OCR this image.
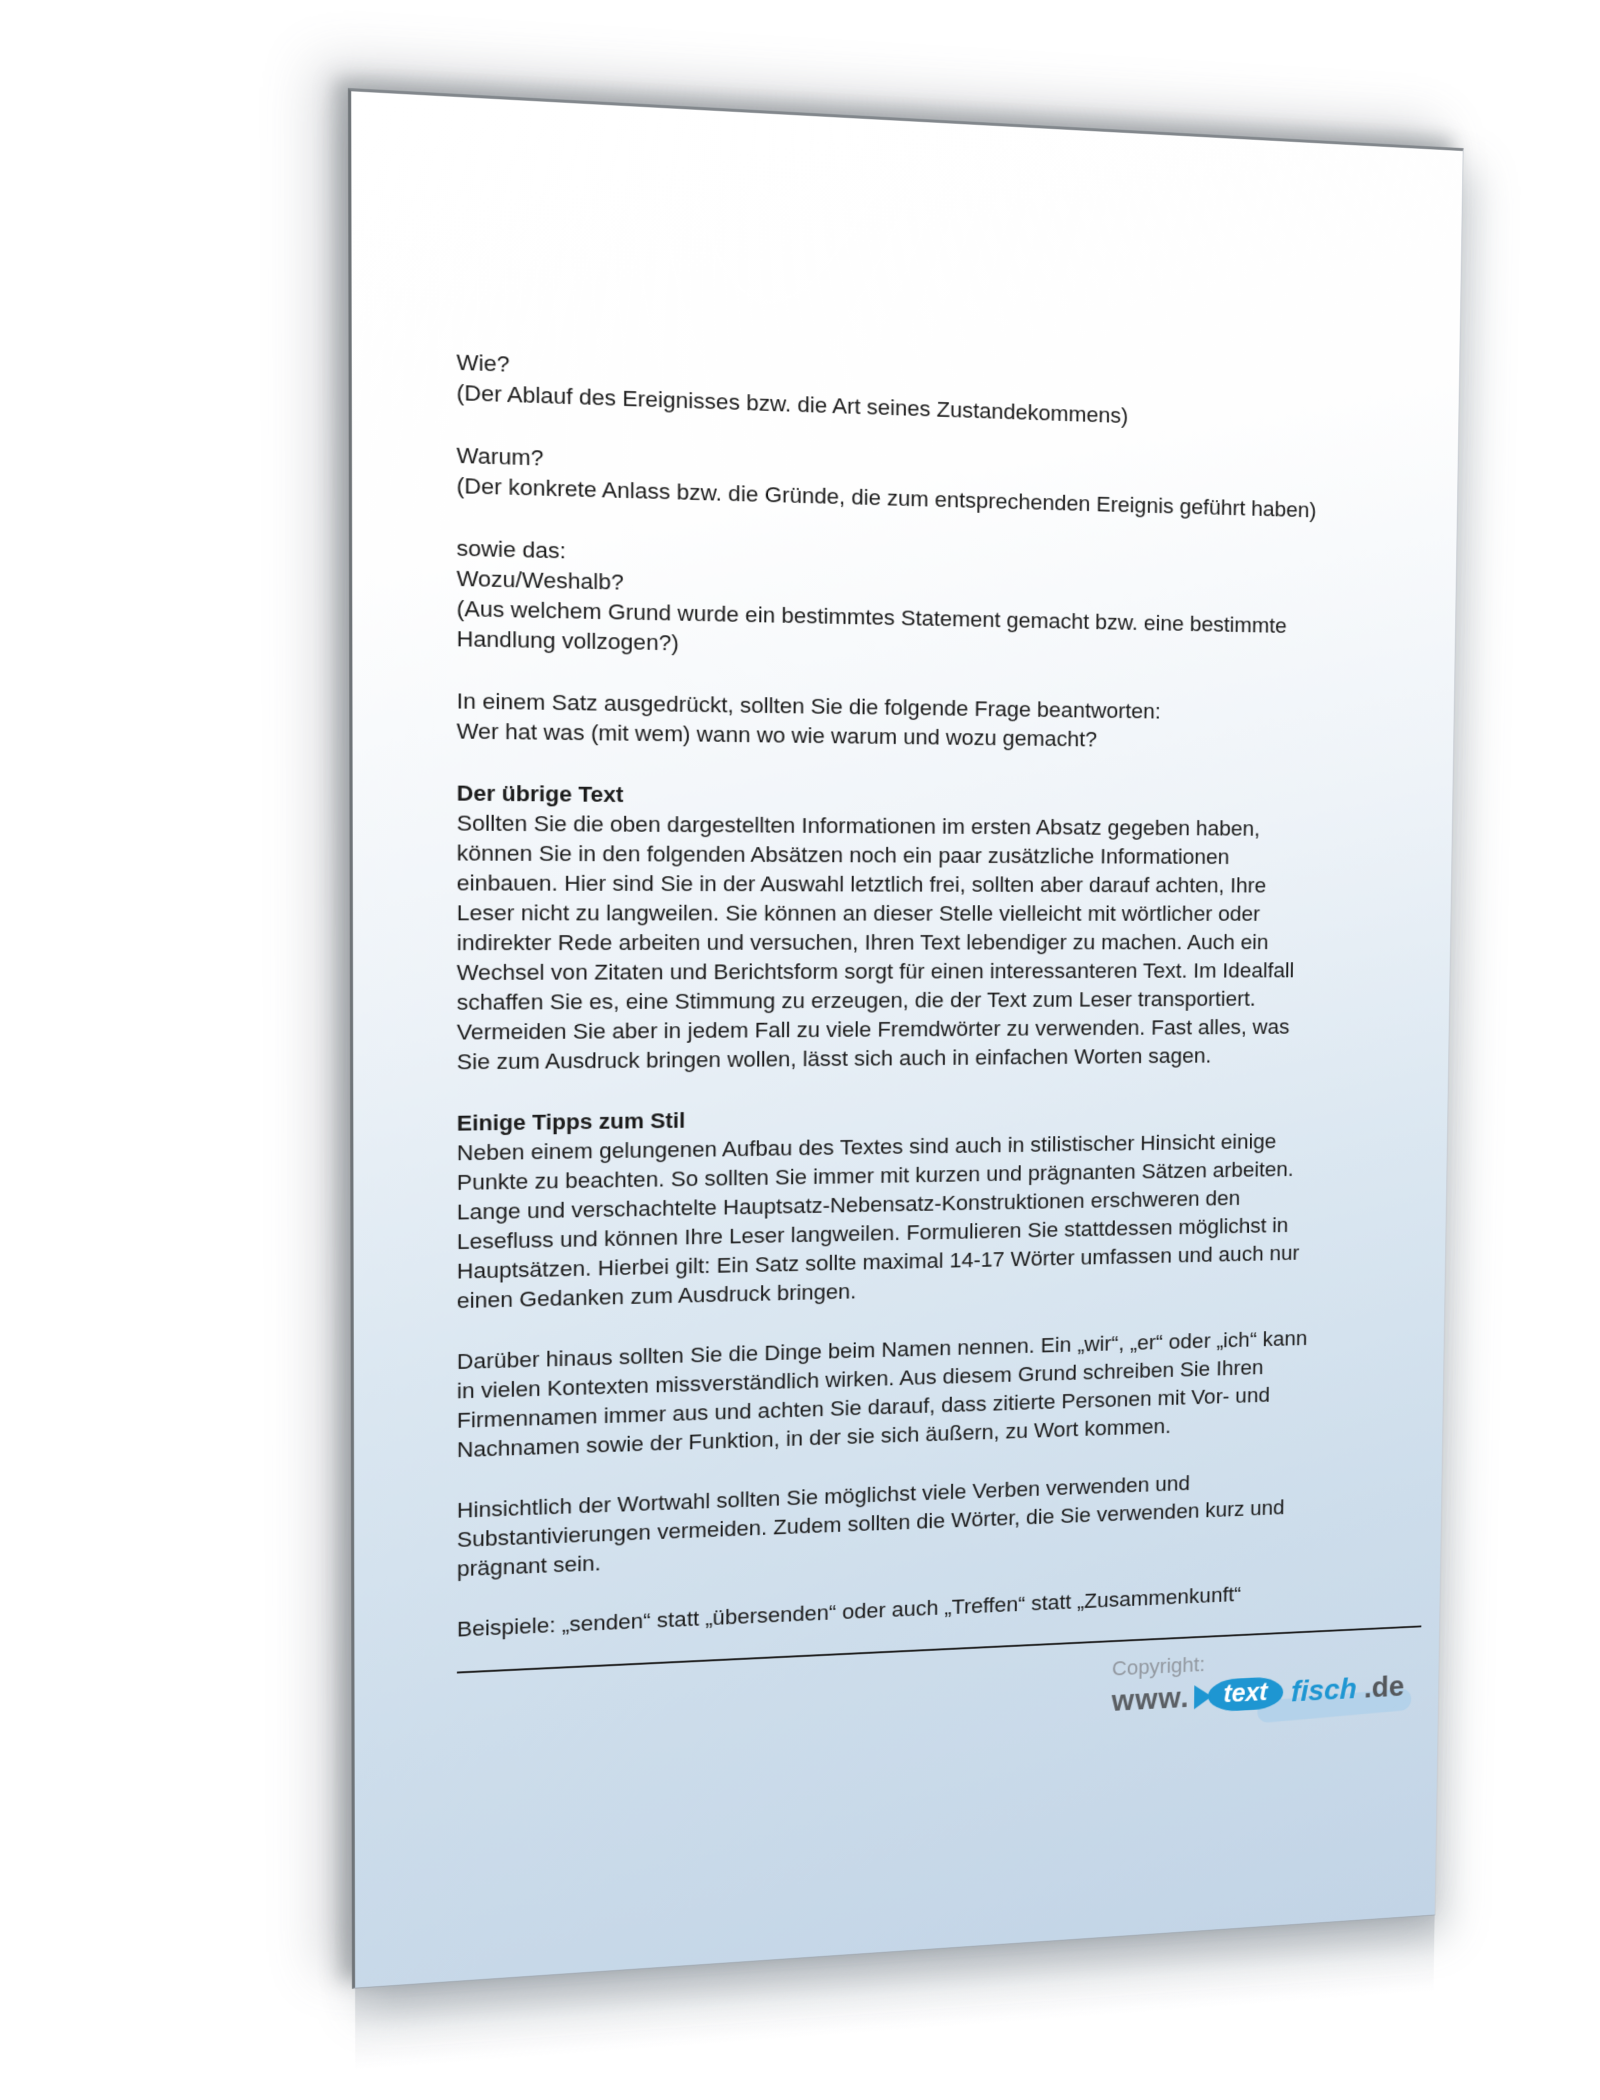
Wie?
(Der Ablauf des Ereignisses bzw. die Art seines Zustandekommens)
Warum?
(Der konkrete Anlass bzw. die Gründe, die zum entsprechenden Ereignis geführt haben)
sowie das:
Wozu/Weshalb?
(Aus welchem Grund wurde ein bestimmtes Statement gemacht bzw. eine bestimmte
Handlung vollzogen?)
In einem Satz ausgedrückt, sollten Sie die folgende Frage beantworten:
Wer hat was (mit wem) wann wo wie warum und wozu gemacht?
Der übrige Text
Sollten Sie die oben dargestellten Informationen im ersten Absatz gegeben haben,
können Sie in den folgenden Absätzen noch ein paar zusätzliche Informationen
einbauen. Hier sind Sie in der Auswahl letztlich frei, sollten aber darauf achten, Ihre
Leser nicht zu langweilen. Sie können an dieser Stelle vielleicht mit wörtlicher oder
indirekter Rede arbeiten und versuchen, Ihren Text lebendiger zu machen. Auch ein
Wechsel von Zitaten und Berichtsform sorgt für einen interessanteren Text. Im Idealfall
schaffen Sie es, eine Stimmung zu erzeugen, die der Text zum Leser transportiert.
Vermeiden Sie aber in jedem Fall zu viele Fremdwörter zu verwenden. Fast alles, was
Sie zum Ausdruck bringen wollen, lässt sich auch in einfachen Worten sagen.
Einige Tipps zum Stil
Neben einem gelungenen Aufbau des Textes sind auch in stilistischer Hinsicht einige
Punkte zu beachten. So sollten Sie immer mit kurzen und prägnanten Sätzen arbeiten.
Lange und verschachtelte Hauptsatz-Nebensatz-Konstruktionen erschweren den
Lesefluss und können Ihre Leser langweilen. Formulieren Sie stattdessen möglichst in
Hauptsätzen. Hierbei gilt: Ein Satz sollte maximal 14-17 Wörter umfassen und auch nur
einen Gedanken zum Ausdruck bringen.
Darüber hinaus sollten Sie die Dinge beim Namen nennen. Ein „wir“, „er“ oder „ich“ kann
in vielen Kontexten missverständlich wirken. Aus diesem Grund schreiben Sie Ihren
Firmennamen immer aus und achten Sie darauf, dass zitierte Personen mit Vor- und
Nachnamen sowie der Funktion, in der sie sich äußern, zu Wort kommen.
Hinsichtlich der Wortwahl sollten Sie möglichst viele Verben verwenden und
Substantivierungen vermeiden. Zudem sollten die Wörter, die Sie verwenden kurz und
prägnant sein.
Beispiele: „senden“ statt „übersenden“ oder auch „Treffen“ statt „Zusammenkunft“
Copyright:
www. text fisch .de
